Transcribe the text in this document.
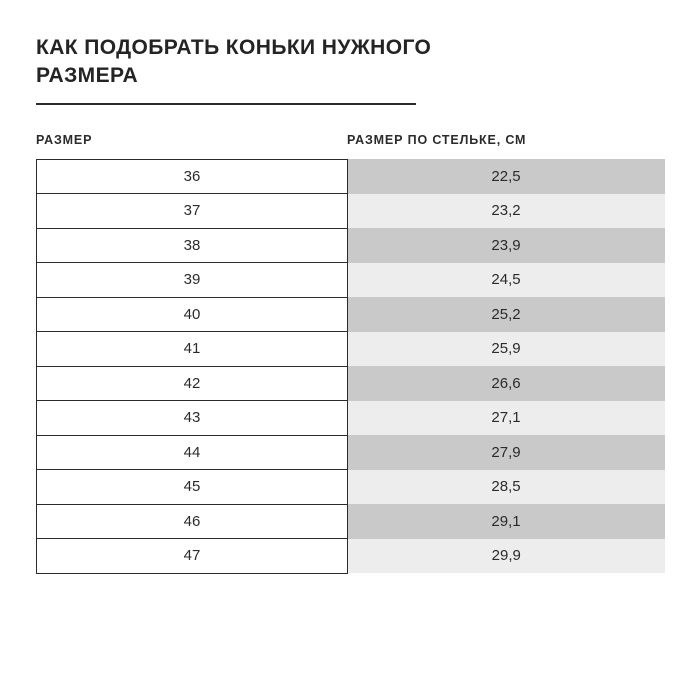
КАК ПОДОБРАТЬ КОНЬКИ НУЖНОГО РАЗМЕРА
РАЗМЕР	РАЗМЕР ПО СТЕЛЬКЕ, СМ
36	22,5
37	23,2
38	23,9
39	24,5
40	25,2
41	25,9
42	26,6
43	27,1
44	27,9
45	28,5
46	29,1
47	29,9
